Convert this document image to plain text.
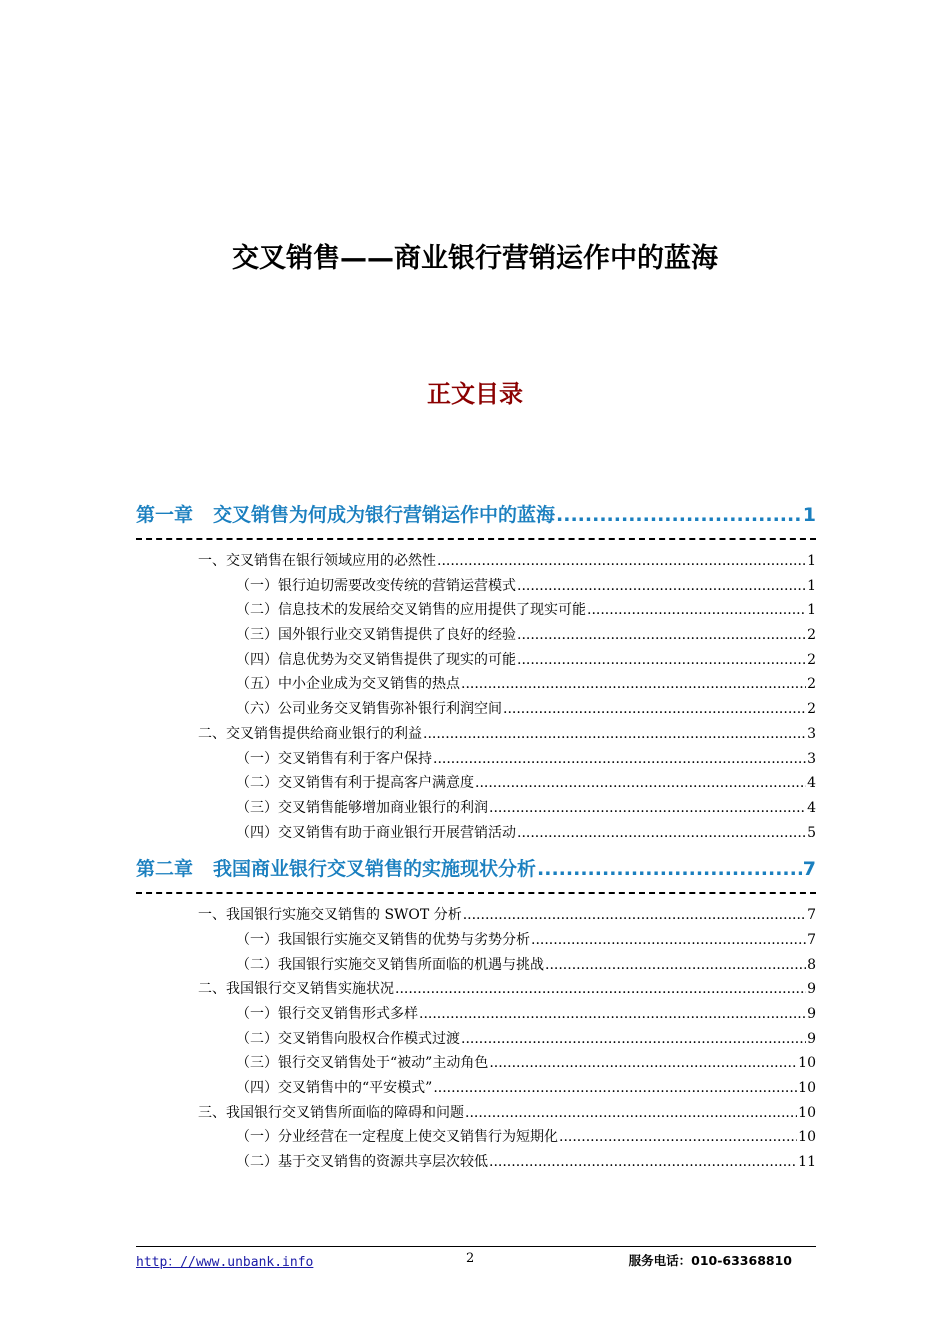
交叉销售——商业银行营销运作中的蓝海
正文目录
第一章 交叉销售为何成为银行营销运作中的蓝海 .....	1
一、交叉销售在银行领域应用的必然性 .....	1
（一）银行迫切需要改变传统的营销运营模式 .....	1
（二）信息技术的发展给交叉销售的应用提供了现实可能 .....	1
（三）国外银行业交叉销售提供了良好的经验 .....	2
（四）信息优势为交叉销售提供了现实的可能 .....	2
（五）中小企业成为交叉销售的热点 .....	2
（六）公司业务交叉销售弥补银行利润空间 .....	2
二、交叉销售提供给商业银行的利益 .....	3
（一）交叉销售有利于客户保持 .....	3
（二）交叉销售有利于提高客户满意度 .....	4
（三）交叉销售能够增加商业银行的利润 .....	4
（四）交叉销售有助于商业银行开展营销活动 .....	5
第二章 我国商业银行交叉销售的实施现状分析 .....	7
一、我国银行实施交叉销售的 SWOT 分析 .....	7
（一）我国银行实施交叉销售的优势与劣势分析 .....	7
（二）我国银行实施交叉销售所面临的机遇与挑战 .....	8
二、我国银行交叉销售实施状况 .....	9
（一）银行交叉销售形式多样 .....	9
（二）交叉销售向股权合作模式过渡 .....	9
（三）银行交叉销售处于“被动”主动角色 .....	10
（四）交叉销售中的“平安模式” .....	10
三、我国银行交叉销售所面临的障碍和问题 .....	10
（一）分业经营在一定程度上使交叉销售行为短期化 .....	10
（二）基于交叉销售的资源共享层次较低 .....	11
http：//www.unbank.info	2	服务电话：010-63368810
